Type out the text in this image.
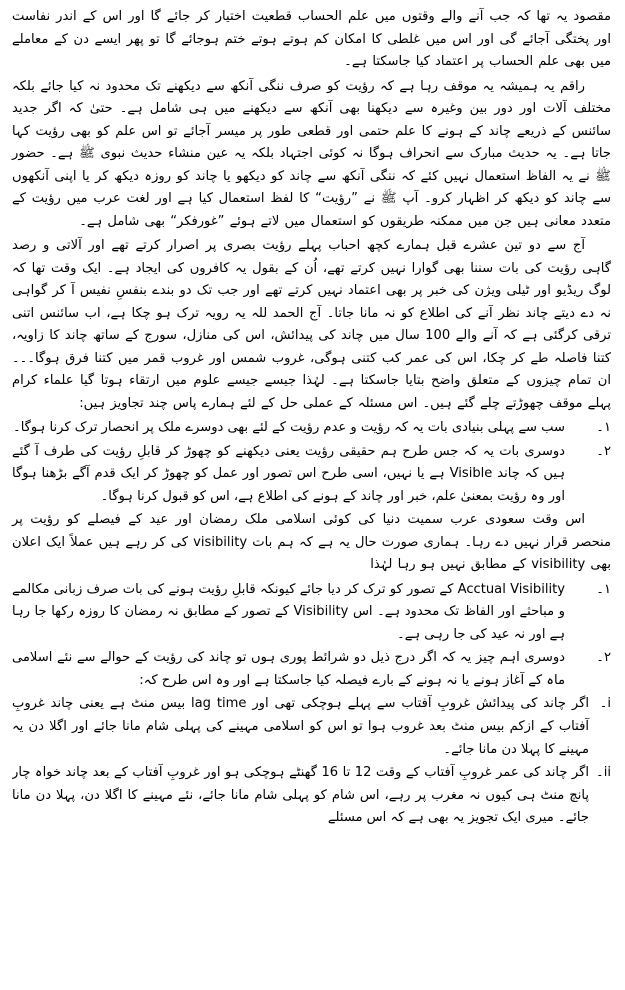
مقصود یہ تھا کہ جب آنے والے وقتوں میں علم الحساب قطعیت اختیار کر جائے گا اور اس کے اندر نفاست اور پختگی آجائے گی اور اس میں غلطی کا امکان کم ہوتے ہوتے ختم ہوجائے گا تو پھر ایسے دن کے معاملے میں بھی علم الحساب پر اعتماد کیا جاسکتا ہے۔

راقم یہ ہمیشہ یہ موقف رہا ہے کہ رؤیت کو صرف ننگی آنکھ سے دیکھنے تک محدود نہ کیا جائے بلکہ مختلف آلات اور دور بین وغیرہ سے دیکھنا بھی آنکھ سے دیکھنے میں ہی شامل ہے۔ حتیٰ کہ اگر جدید سائنس کے ذریعے چاند کے ہونے کا علم حتمی اور قطعی طور پر میسر آجائے تو اس علم کو بھی رؤیت کہا جاتا ہے۔ یہ حدیث مبارک سے انحراف ہوگا نہ کوئی اجتہاد بلکہ یہ عین منشاء حدیث نبوی ﷺ ہے۔ حضور ﷺ نے یہ الفاظ استعمال نہیں کئے کہ ننگی آنکھ سے چاند کو دیکھو یا چاند کو روزہ دیکھ کر یا اپنی آنکھوں سے چاند کو دیکھ کر اظہار کرو۔ آپ ﷺ نے ”رؤیت“ کا لفظ استعمال کیا ہے اور لغت عرب میں رؤیت کے متعدد معانی ہیں جن میں ممکنہ طریقوں کو استعمال میں لاتے ہوئے ”غورفکر“ بھی شامل ہے۔

آج سے دو تین عشرے قبل ہمارے کچھ احباب پہلے رؤیت بصری پر اصرار کرتے تھے اور آلاتی و رصد گاہی رؤیت کی بات سننا بھی گوارا نہیں کرتے تھے، اُن کے بقول یہ کافروں کی ایجاد ہے۔ ایک وقت تھا کہ لوگ ریڈیو اور ٹیلی ویژن کی خبر پر بھی اعتماد نہیں کرتے تھے اور جب تک دو بندے بنفسِ نفیس آ کر گواہی نہ دے دیتے چاند نظر آنے کی اطلاع کو نہ مانا جاتا۔ آج الحمد للہ یہ رویہ ترک ہو چکا ہے، اب سائنس اتنی ترقی کرگئی ہے کہ آنے والے 100 سال میں چاند کی پیدائش، اس کی منازل، سورج کے ساتھ چاند کا زاویہ، کتنا فاصلہ طے کر چکا، اس کی عمر کب کتنی ہوگی، غروب شمس اور غروب قمر میں کتنا فرق ہوگا۔۔۔ ان تمام چیزوں کے متعلق واضح بتایا جاسکتا ہے۔ لہٰذا جیسے جیسے علوم میں ارتقاء ہوتا گیا علماء کرام پہلے موقف چھوڑتے چلے گئے ہیں۔ اس مسئلہ کے عملی حل کے لئے ہمارے پاس چند تجاویز ہیں:

١۔
سب سے پہلی بنیادی بات یہ کہ رؤیت و عدم رؤیت کے لئے بھی دوسرے ملک پر انحصار ترک کرنا ہوگا۔
٢۔
دوسری بات یہ کہ جس طرح ہم حقیقی رؤیت یعنی دیکھنے کو چھوڑ کر قابلِ رؤیت کی طرف آ گئے ہیں کہ چاند Visible ہے یا نہیں، اسی طرح اس تصور اور عمل کو چھوڑ کر ایک قدم آگے بڑھنا ہوگا اور وہ رؤیت بمعنیٰ علم، خبر اور چاند کے ہونے کی اطلاع ہے، اس کو قبول کرنا ہوگا۔

اس وقت سعودی عرب سمیت دنیا کی کوئی اسلامی ملک رمضان اور عید کے فیصلے کو رؤیت پر منحصر قرار نہیں دے رہا۔ ہماری صورت حال یہ ہے کہ ہم بات visibility کی کر رہے ہیں عملاً ایک اعلان بھی visibility کے مطابق نہیں ہو رہا لہٰذا

١۔
Acctual Visibility کے تصور کو ترک کر دیا جائے کیونکہ قابلِ رؤیت ہونے کی بات صرف زبانی مکالمے و مباحثے اور الفاظ تک محدود ہے۔ اس Visibility کے تصور کے مطابق نہ رمضان کا روزہ رکھا جا رہا ہے اور نہ عید کی جا رہی ہے۔
٢۔
دوسری اہم چیز یہ کہ اگر درج ذیل دو شرائط پوری ہوں تو چاند کی رؤیت کے حوالے سے نئے اسلامی ماہ کے آغاز ہونے یا نہ ہونے کے بارے فیصلہ کیا جاسکتا ہے اور وہ اس طرح کہ:
i۔
اگر چاند کی پیدائش غروبِ آفتاب سے پہلے ہوچکی تھی اور lag time بیس منٹ ہے یعنی چاند غروبِ آفتاب کے ازکم بیس منٹ بعد غروب ہوا تو اس کو اسلامی مہینے کی پہلی شام مانا جائے اور اگلا دن یہ مہینے کا پہلا دن مانا جائے۔
ii۔
اگر چاند کی عمر غروبِ آفتاب کے وقت 12 تا 16 گھنٹے ہوچکی ہو اور غروبِ آفتاب کے بعد چاند خواہ چار پانچ منٹ ہی کیوں نہ مغرب پر رہے، اس شام کو پہلی شام مانا جائے، نئے مہینے کا اگلا دن، پہلا دن مانا جائے۔ میری ایک تجویز یہ بھی ہے کہ اس مسئلے
